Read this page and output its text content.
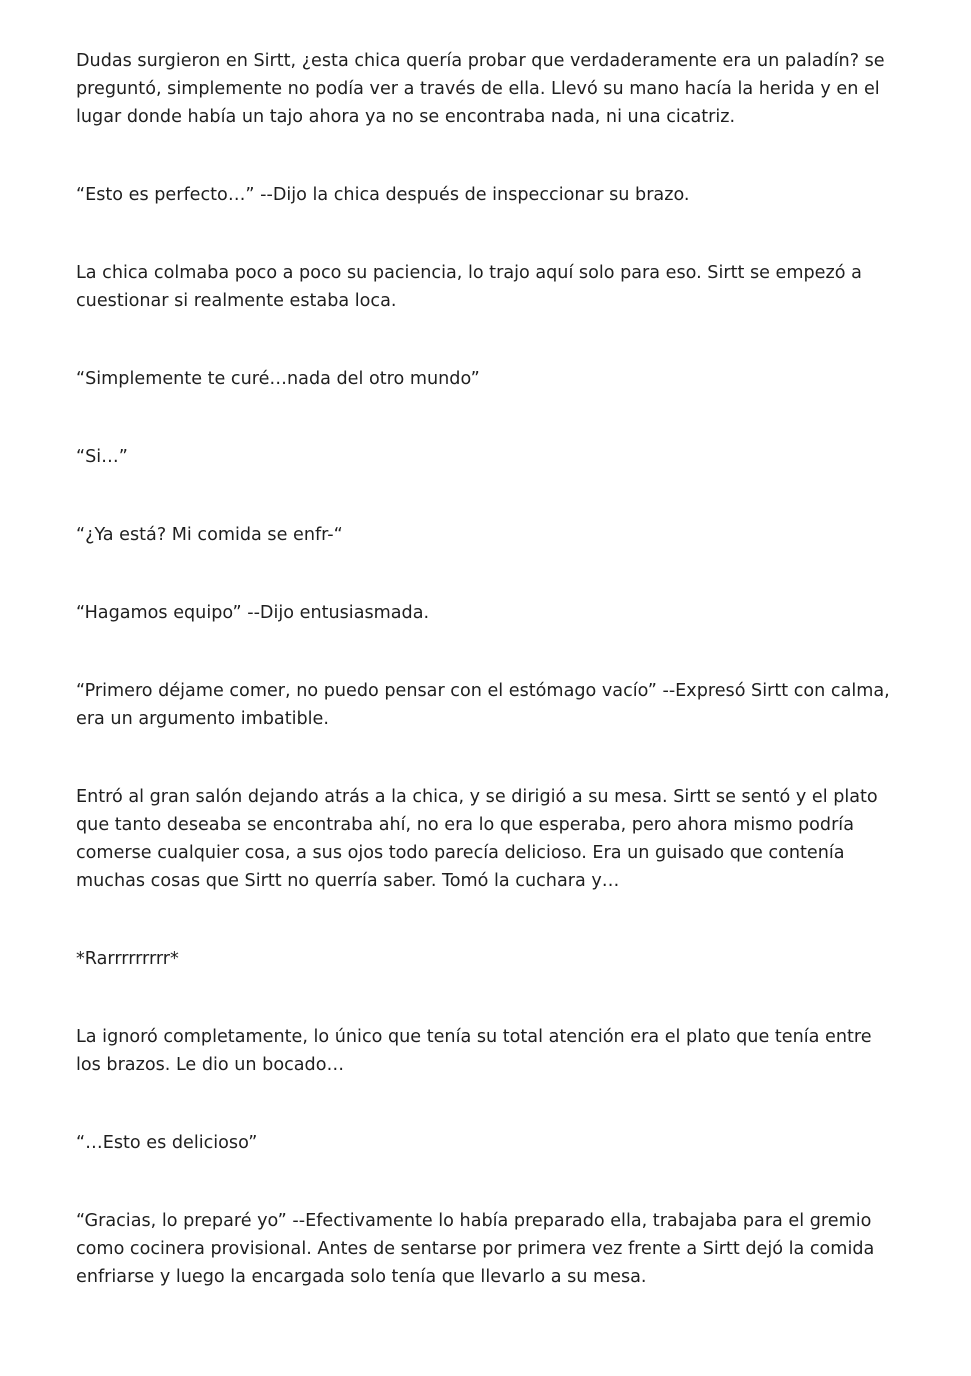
Dudas surgieron en Sirtt, ¿esta chica quería probar que verdaderamente era un paladín? se preguntó, simplemente no podía ver a través de ella. Llevó su mano hacía la herida y en el lugar donde había un tajo ahora ya no se encontraba nada, ni una cicatriz.

“Esto es perfecto…” --Dijo la chica después de inspeccionar su brazo.

La chica colmaba poco a poco su paciencia, lo trajo aquí solo para eso. Sirtt se empezó a cuestionar si realmente estaba loca.

“Simplemente te curé…nada del otro mundo”

“Si…”

“¿Ya está? Mi comida se enfr-“

“Hagamos equipo” --Dijo entusiasmada.

“Primero déjame comer, no puedo pensar con el estómago vacío” --Expresó Sirtt con calma, era un argumento imbatible.

Entró al gran salón dejando atrás a la chica, y se dirigió a su mesa. Sirtt se sentó y el plato que tanto deseaba se encontraba ahí, no era lo que esperaba, pero ahora mismo podría comerse cualquier cosa, a sus ojos todo parecía delicioso. Era un guisado que contenía muchas cosas que Sirtt no querría saber. Tomó la cuchara y…

*Rarrrrrrrrr*

La ignoró completamente, lo único que tenía su total atención era el plato que tenía entre los brazos. Le dio un bocado…

“…Esto es delicioso”

“Gracias, lo preparé yo” --Efectivamente lo había preparado ella, trabajaba para el gremio como cocinera provisional. Antes de sentarse por primera vez frente a Sirtt dejó la comida enfriarse y luego la encargada solo tenía que llevarlo a su mesa.
